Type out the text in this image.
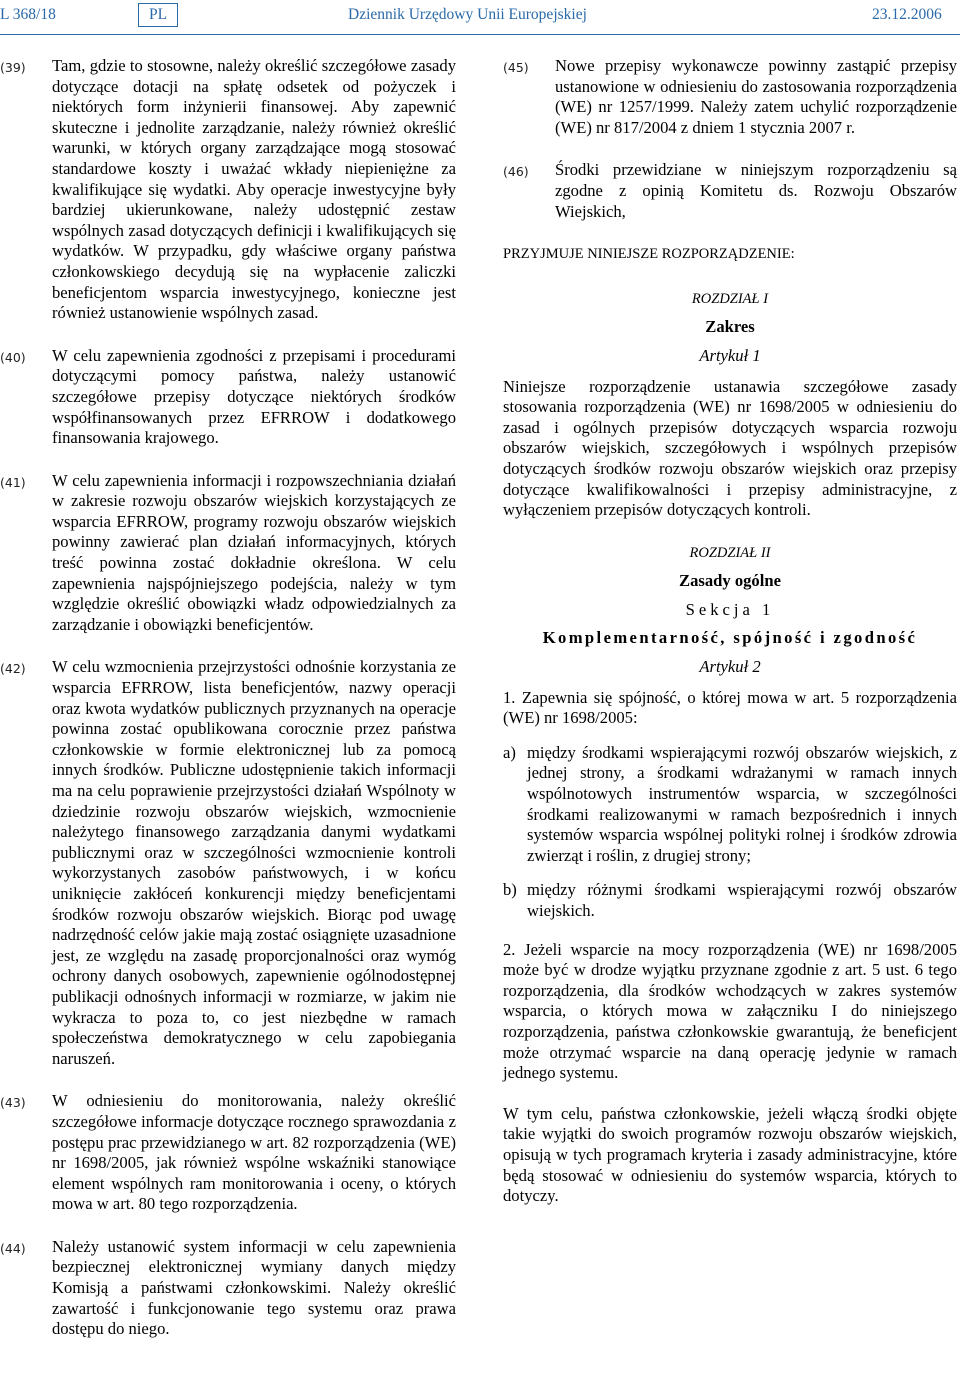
L 368/18	PL	Dziennik Urzędowy Unii Europejskiej	23.12.2006
(39) Tam, gdzie to stosowne, należy określić szczegółowe zasady dotyczące dotacji na spłatę odsetek od pożyczek i niektórych form inżynierii finansowej. Aby zapewnić skuteczne i jednolite zarządzanie, należy również określić warunki, w których organy zarządzające mogą stosować standardowe koszty i uważać wkłady niepieniężne za kwalifikujące się wydatki. Aby operacje inwestycyjne były bardziej ukierunkowane, należy udostępnić zestaw wspólnych zasad dotyczących definicji i kwalifikujących się wydatków. W przypadku, gdy właściwe organy państwa członkowskiego decydują się na wypłacenie zaliczki beneficjentom wsparcia inwestycyjnego, konieczne jest również ustanowienie wspólnych zasad.
(40) W celu zapewnienia zgodności z przepisami i procedurami dotyczącymi pomocy państwa, należy ustanowić szczegółowe przepisy dotyczące niektórych środków współfinansowanych przez EFRROW i dodatkowego finansowania krajowego.
(41) W celu zapewnienia informacji i rozpowszechniania działań w zakresie rozwoju obszarów wiejskich korzystających ze wsparcia EFRROW, programy rozwoju obszarów wiejskich powinny zawierać plan działań informacyjnych, których treść powinna zostać dokładnie określona. W celu zapewnienia najspójniejszego podejścia, należy w tym względzie określić obowiązki władz odpowiedzialnych za zarządzanie i obowiązki beneficjentów.
(42) W celu wzmocnienia przejrzystości odnośnie korzystania ze wsparcia EFRROW, lista beneficjentów, nazwy operacji oraz kwota wydatków publicznych przyznanych na operacje powinna zostać opublikowana corocznie przez państwa członkowskie w formie elektronicznej lub za pomocą innych środków. Publiczne udostępnienie takich informacji ma na celu poprawienie przejrzystości działań Wspólnoty w dziedzinie rozwoju obszarów wiejskich, wzmocnienie należytego finansowego zarządzania danymi wydatkami publicznymi oraz w szczególności wzmocnienie kontroli wykorzystanych zasobów państwowych, i w końcu uniknięcie zakłóceń konkurencji między beneficjentami środków rozwoju obszarów wiejskich. Biorąc pod uwagę nadrzędność celów jakie mają zostać osiągnięte uzasadnione jest, ze względu na zasadę proporcjonalności oraz wymóg ochrony danych osobowych, zapewnienie ogólnodostępnej publikacji odnośnych informacji w rozmiarze, w jakim nie wykracza to poza to, co jest niezbędne w ramach społeczeństwa demokratycznego w celu zapobiegania naruszeń.
(43) W odniesieniu do monitorowania, należy określić szczegółowe informacje dotyczące rocznego sprawozdania z postępu prac przewidzianego w art. 82 rozporządzenia (WE) nr 1698/2005, jak również wspólne wskaźniki stanowiące element wspólnych ram monitorowania i oceny, o których mowa w art. 80 tego rozporządzenia.
(44) Należy ustanowić system informacji w celu zapewnienia bezpiecznej elektronicznej wymiany danych między Komisją a państwami członkowskimi. Należy określić zawartość i funkcjonowanie tego systemu oraz prawa dostępu do niego.
(45) Nowe przepisy wykonawcze powinny zastąpić przepisy ustanowione w odniesieniu do zastosowania rozporządzenia (WE) nr 1257/1999. Należy zatem uchylić rozporządzenie (WE) nr 817/2004 z dniem 1 stycznia 2007 r.
(46) Środki przewidziane w niniejszym rozporządzeniu są zgodne z opinią Komitetu ds. Rozwoju Obszarów Wiejskich,
PRZYJMUJE NINIEJSZE ROZPORZĄDZENIE:
ROZDZIAŁ I
Zakres
Artykuł 1
Niniejsze rozporządzenie ustanawia szczegółowe zasady stosowania rozporządzenia (WE) nr 1698/2005 w odniesieniu do zasad i ogólnych przepisów dotyczących wsparcia rozwoju obszarów wiejskich, szczegółowych i wspólnych przepisów dotyczących środków rozwoju obszarów wiejskich oraz przepisy dotyczące kwalifikowalności i przepisy administracyjne, z wyłączeniem przepisów dotyczących kontroli.
ROZDZIAŁ II
Zasady ogólne
Sekcja 1
Komplementarność, spójność i zgodność
Artykuł 2
1. Zapewnia się spójność, o której mowa w art. 5 rozporządzenia (WE) nr 1698/2005:
a) między środkami wspierającymi rozwój obszarów wiejskich, z jednej strony, a środkami wdrażanymi w ramach innych wspólnotowych instrumentów wsparcia, w szczególności środkami realizowanymi w ramach bezpośrednich i innych systemów wsparcia wspólnej polityki rolnej i środków zdrowia zwierząt i roślin, z drugiej strony;
b) między różnymi środkami wspierającymi rozwój obszarów wiejskich.
2. Jeżeli wsparcie na mocy rozporządzenia (WE) nr 1698/2005 może być w drodze wyjątku przyznane zgodnie z art. 5 ust. 6 tego rozporządzenia, dla środków wchodzących w zakres systemów wsparcia, o których mowa w załączniku I do niniejszego rozporządzenia, państwa członkowskie gwarantują, że beneficjent może otrzymać wsparcie na daną operację jedynie w ramach jednego systemu.
W tym celu, państwa członkowskie, jeżeli włączą środki objęte takie wyjątki do swoich programów rozwoju obszarów wiejskich, opisują w tych programach kryteria i zasady administracyjne, które będą stosować w odniesieniu do systemów wsparcia, których to dotyczy.
